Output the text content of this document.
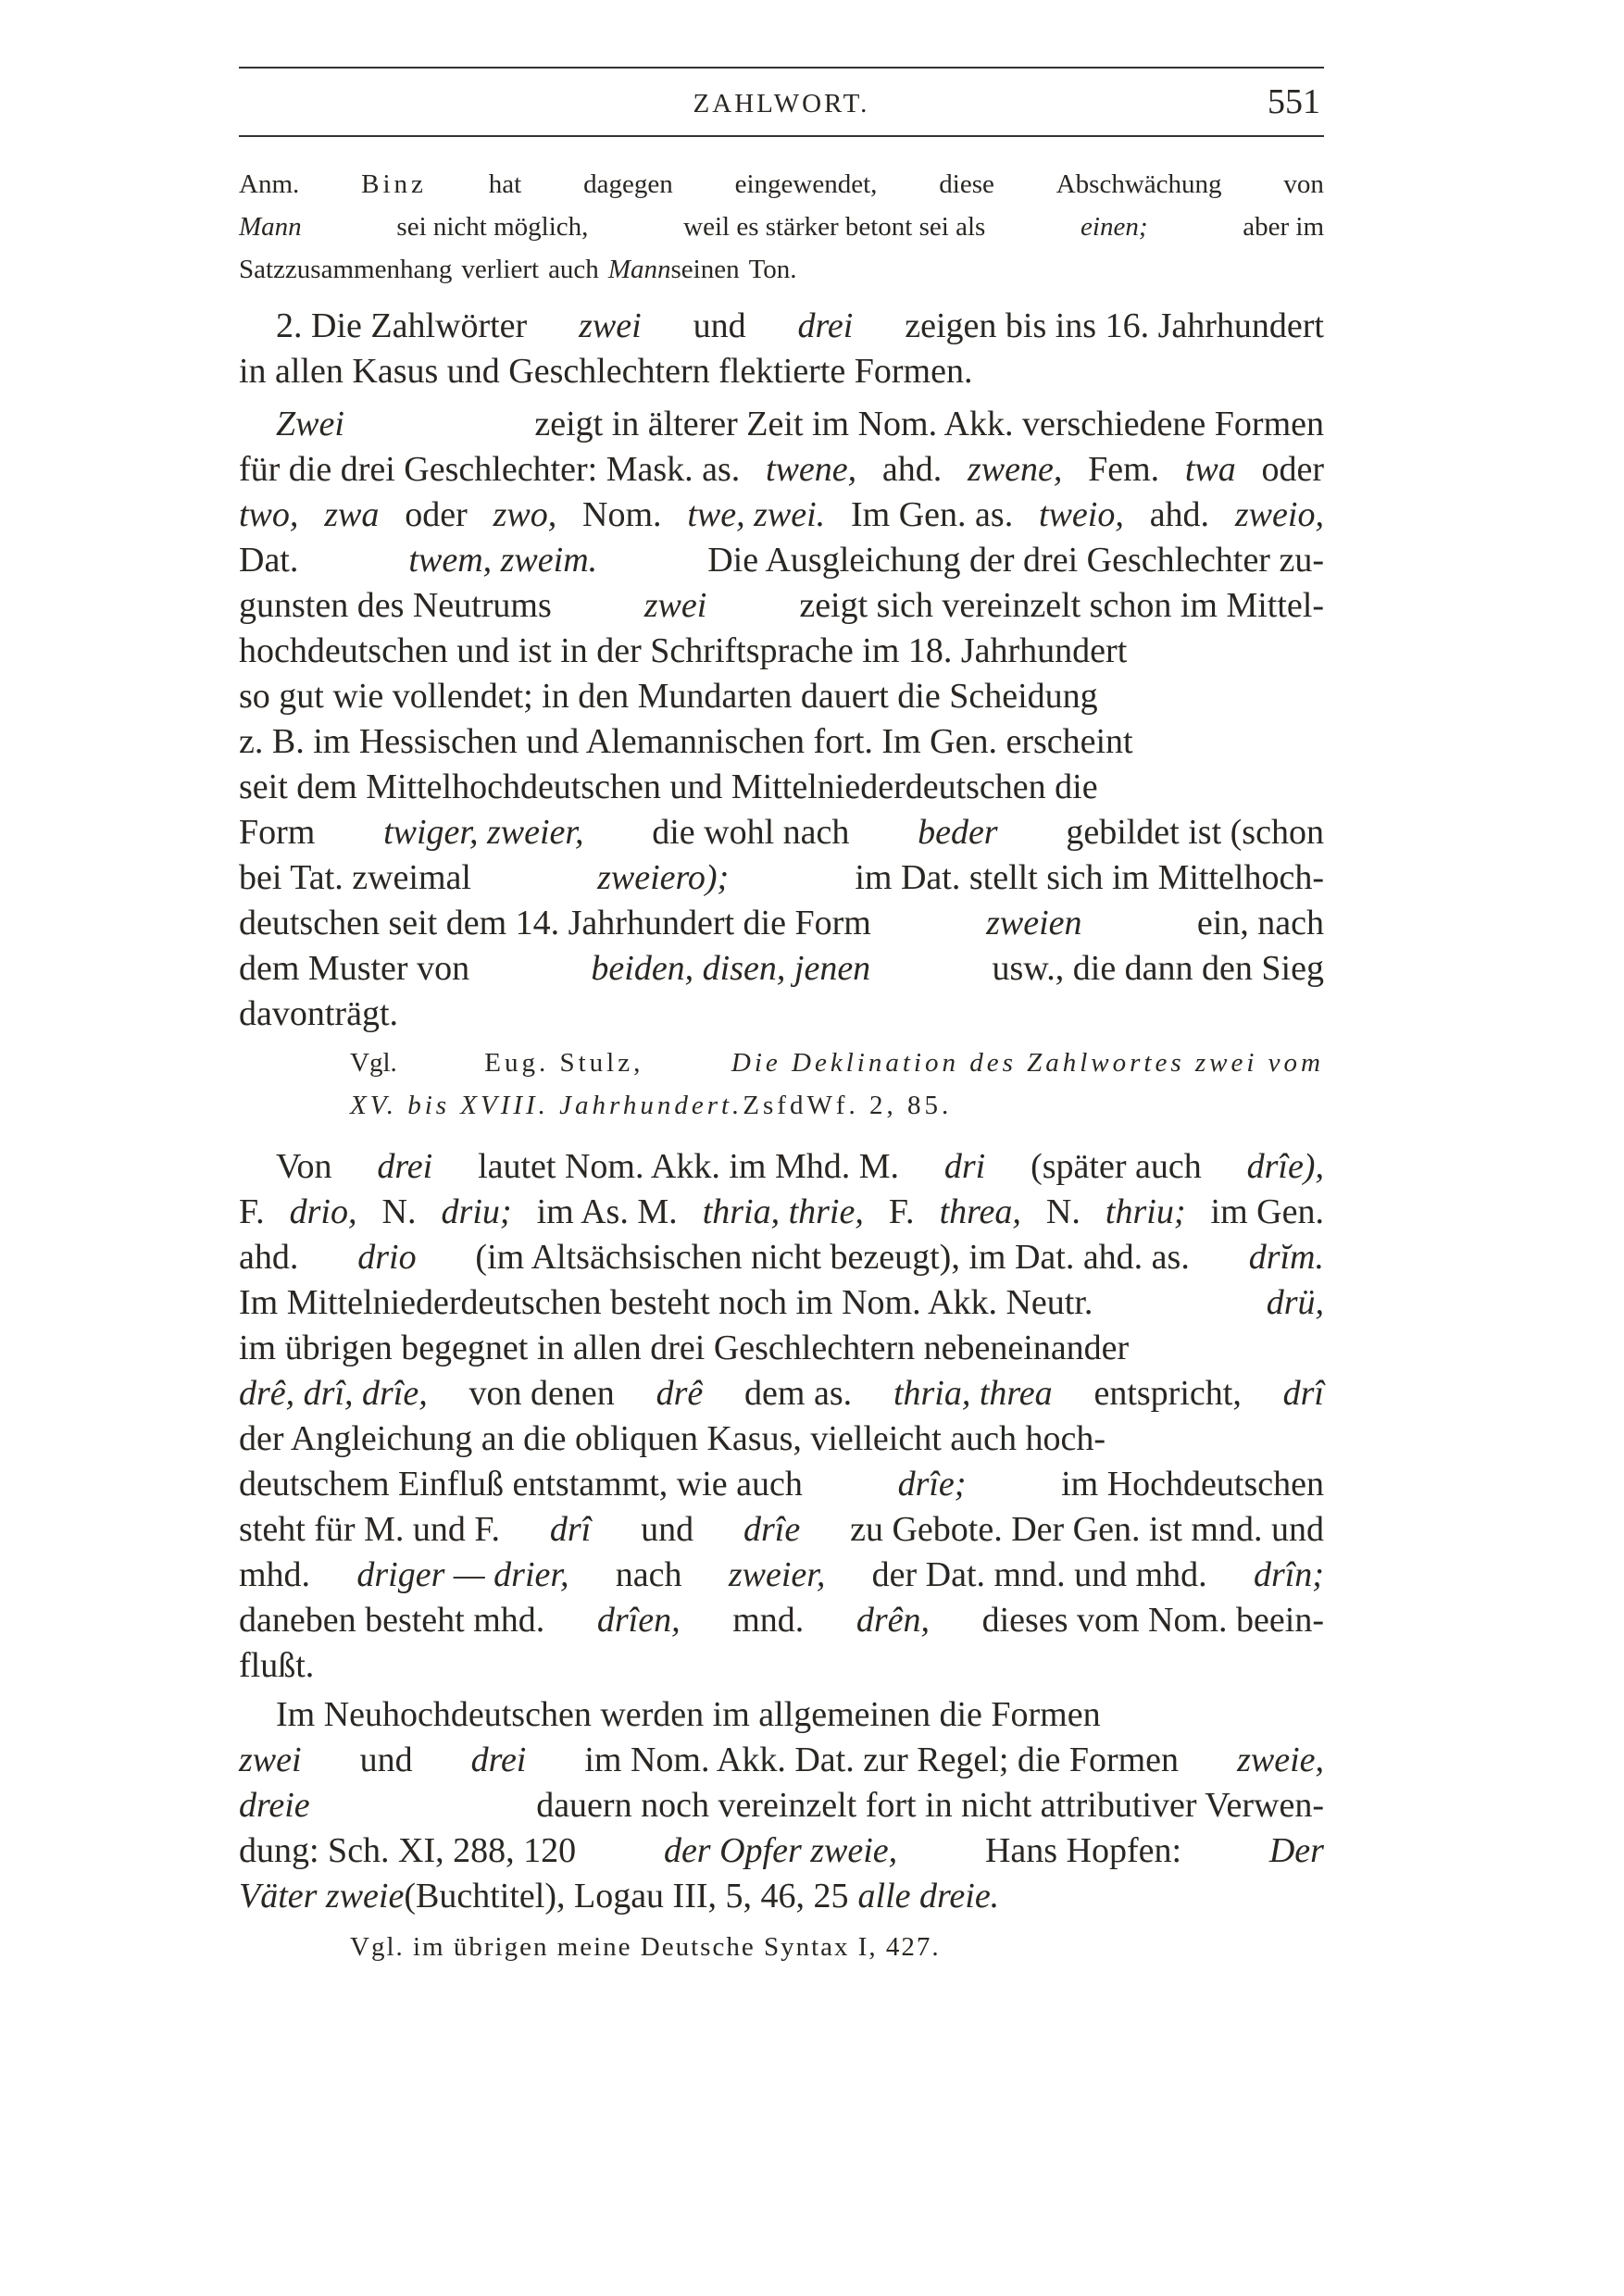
ZAHLWORT.	551
Anm. Binz hat dagegen eingewendet, diese Abschwächung von
Mann	sei nicht möglich,	weil es stärker betont sei als	einen;	aber im
Satzzusammenhang verliert auch Mann seinen Ton.
2. Die Zahlwörter zwei und drei zeigen bis ins 16. Jahrhundert
in allen Kasus und Geschlechtern flektierte Formen.
Zwei	zeigt in älterer Zeit im Nom. Akk. verschiedene Formen
für die drei Geschlechter: Mask. as. twene, ahd. zwene, Fem. twa oder
two, zwa oder zwo, Nom. twe, zwei. Im Gen. as. tweio, ahd. zweio,
Dat.	twem, zweim.	Die Ausgleichung der drei Geschlechter zu-
gunsten des Neutrums	zwei	zeigt sich vereinzelt schon im Mittel-
hochdeutschen und ist in der Schriftsprache im 18. Jahrhundert
so gut wie vollendet; in den Mundarten dauert die Scheidung
z. B. im Hessischen und Alemannischen fort. Im Gen. erscheint
seit dem Mittelhochdeutschen und Mittelniederdeutschen die
Form twiger, zweier, die wohl nach beder gebildet ist (schon
bei Tat. zweimal	zweiero);	im Dat. stellt sich im Mittelhoch-
deutschen seit dem 14. Jahrhundert die Form	zweien	ein, nach
dem Muster von	beiden, disen, jenen	usw., die dann den Sieg
davonträgt.
Vgl.	Eug. Stulz,	Die Deklination des Zahlwortes zwei vom
XV. bis XVIII. Jahrhundert. ZsfdWf. 2, 85.
Von drei lautet Nom. Akk. im Mhd. M. dri (später auch drîe),
F. drio, N. driu; im As. M. thria, thrie, F. threa, N. thriu; im Gen.
ahd. drio (im Altsächsischen nicht bezeugt), im Dat. ahd. as. drĭm.
Im Mittelniederdeutschen besteht noch im Nom. Akk. Neutr.	drü,
im übrigen begegnet in allen drei Geschlechtern nebeneinander
drê, drî, drîe, von denen drê dem as. thria, threa entspricht, drî
der Angleichung an die obliquen Kasus, vielleicht auch hoch-
deutschem Einfluß entstammt, wie auch	drîe;	im Hochdeutschen
steht für M. und F. drî und drîe zu Gebote. Der Gen. ist mnd. und
mhd. driger — drier, nach zweier, der Dat. mnd. und mhd. drîn;
daneben besteht mhd. drîen, mnd. drên, dieses vom Nom. beein-
flußt.
Im Neuhochdeutschen werden im allgemeinen die Formen
zwei und drei im Nom. Akk. Dat. zur Regel; die Formen zweie,
dreie	dauern noch vereinzelt fort in nicht attributiver Verwen-
dung: Sch. XI, 288, 120 der Opfer zweie, Hans Hopfen: Der
Väter zweie (Buchtitel), Logau III, 5, 46, 25 alle dreie.
Vgl. im übrigen meine Deutsche Syntax I, 427.
